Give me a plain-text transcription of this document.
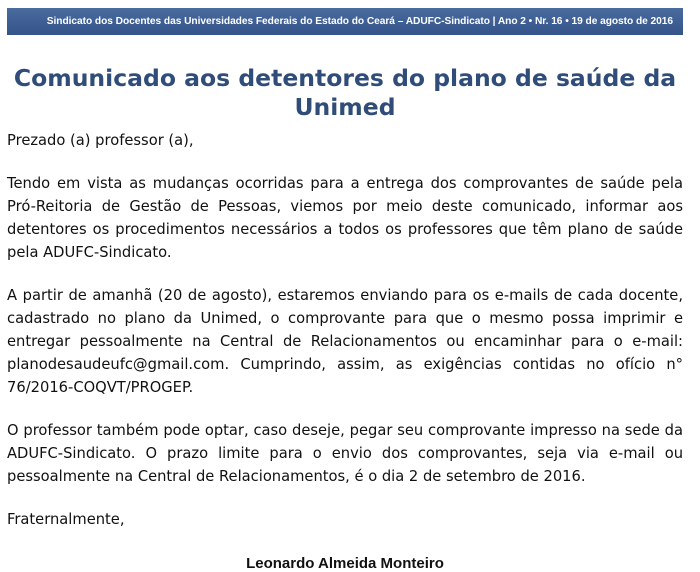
Sindicato dos Docentes das Universidades Federais do Estado do Ceará – ADUFC-Sindicato | Ano 2 • Nr. 16 • 19 de agosto de 2016
Comunicado aos detentores do plano de saúde da Unimed

Prezado (a) professor (a),

Tendo em vista as mudanças ocorridas para a entrega dos comprovantes de saúde pela Pró-Reitoria de Gestão de Pessoas, viemos por meio deste comunicado, informar aos detentores os procedimentos necessários a todos os professores que têm plano de saúde pela ADUFC-Sindicato.

A partir de amanhã (20 de agosto), estaremos enviando para os e-mails de cada docente, cadastrado no plano da Unimed, o comprovante para que o mesmo possa imprimir e entregar pessoalmente na Central de Relacionamentos ou encaminhar para o e-mail: planodesaudeufc@gmail.com. Cumprindo, assim, as exigências contidas no ofício n° 76/2016-COQVT/PROGEP.

O professor também pode optar, caso deseje, pegar seu comprovante impresso na sede da ADUFC-Sindicato. O prazo limite para o envio dos comprovantes, seja via e-mail ou pessoalmente na Central de Relacionamentos, é o dia 2 de setembro de 2016.

Fraternalmente,

Leonardo Almeida Monteiro
